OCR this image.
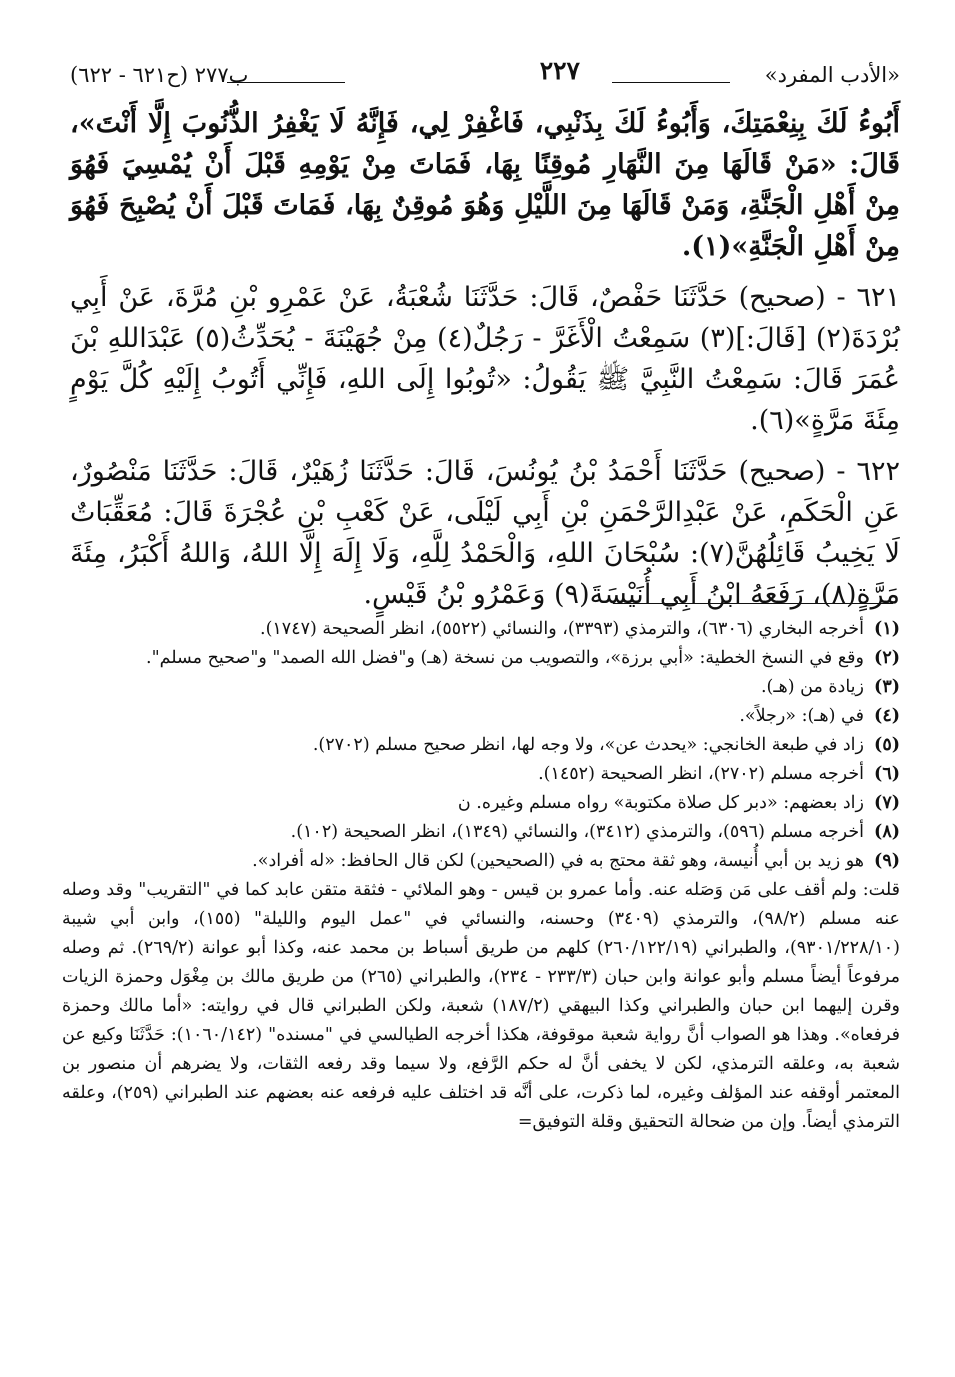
«الأدب المفرد»
٢٢٧
ب٢٧٧ (ح٦٢١ - ٦٢٢)

أَبُوءُ لَكَ بِنِعْمَتِكَ، وَأَبُوءُ لَكَ بِذَنْبِي، فَاغْفِرْ لِي، فَإِنَّهُ لَا يَغْفِرُ الذُّنُوبَ إِلَّا أَنْتَ»، قَالَ: «مَنْ قَالَهَا مِنَ النَّهَارِ مُوقِنًا بِهَا، فَمَاتَ مِنْ يَوْمِهِ قَبْلَ أَنْ يُمْسِيَ فَهُوَ مِنْ أَهْلِ الْجَنَّةِ، وَمَنْ قَالَهَا مِنَ اللَّيْلِ وَهُوَ مُوقِنٌ بِهَا، فَمَاتَ قَبْلَ أَنْ يُصْبِحَ فَهُوَ مِنْ أَهْلِ الْجَنَّةِ»(١).

٦٢١ - (صحيح) حَدَّثَنَا حَفْصٌ، قَالَ: حَدَّثَنَا شُعْبَةُ، عَنْ عَمْرِو بْنِ مُرَّةَ، عَنْ أَبِي بُرْدَةَ(٢) [قَالَ:](٣) سَمِعْتُ الْأَغَرَّ - رَجُلٌ(٤) مِنْ جُهَيْنَةَ - يُحَدِّثُ(٥) عَبْدَاللهِ بْنَ عُمَرَ قَالَ: سَمِعْتُ النَّبِيَّ ﷺ يَقُولُ: «تُوبُوا إِلَى اللهِ، فَإِنِّي أَتُوبُ إِلَيْهِ كُلَّ يَوْمٍ مِئَةَ مَرَّةٍ»(٦).

٦٢٢ - (صحيح) حَدَّثَنَا أَحْمَدُ بْنُ يُونُسَ، قَالَ: حَدَّثَنَا زُهَيْرٌ، قَالَ: حَدَّثَنَا مَنْصُورٌ، عَنِ الْحَكَمِ، عَنْ عَبْدِالرَّحْمَنِ بْنِ أَبِي لَيْلَى، عَنْ كَعْبِ بْنِ عُجْرَةَ قَالَ: مُعَقِّبَاتٌ لَا يَخِيبُ قَائِلُهُنَّ(٧): سُبْحَانَ اللهِ، وَالْحَمْدُ لِلَّهِ، وَلَا إِلَهَ إِلَّا اللهُ، وَاللهُ أَكْبَرُ، مِئَةَ مَرَّةٍ(٨)، رَفَعَهُ ابْنُ أَبِي أُنَيْسَةَ(٩) وَعَمْرُو بْنُ قَيْسٍ.

(١)
أخرجه البخاري (٦٣٠٦)، والترمذي (٣٣٩٣)، والنسائي (٥٥٢٢)، انظر الصحيحة (١٧٤٧).
(٢)
وقع في النسخ الخطية: «أبي برزة»، والتصويب من نسخة (هـ) و"فضل الله الصمد" و"صحيح مسلم".
(٣)
زيادة من (هـ).
(٤)
في (هـ): «رجلاً».
(٥)
زاد في طبعة الخانجي: «يحدث عن»، ولا وجه لها، انظر صحيح مسلم (٢٧٠٢).
(٦)
أخرجه مسلم (٢٧٠٢)، انظر الصحيحة (١٤٥٢).
(٧)
زاد بعضهم: «دبر كل صلاة مكتوبة» رواه مسلم وغيره. ن
(٨)
أخرجه مسلم (٥٩٦)، والترمذي (٣٤١٢)، والنسائي (١٣٤٩)، انظر الصحيحة (١٠٢).
(٩)
هو زيد بن أبي أُنيسة، وهو ثقة محتج به في (الصحيحين) لكن قال الحافظ: «له أفراد».
قلت: ولم أقف على مَن وَصَله عنه. وأما عمرو بن قيس - وهو الملائي - فثقة متقن عابد كما في "التقريب" وقد وصله عنه مسلم (٩٨/٢)، والترمذي (٣٤٠٩) وحسنه، والنسائي في "عمل اليوم والليلة" (١٥٥)، وابن أبي شيبة (٩٣٠١/٢٢٨/١٠)، والطبراني (٢٦٠/١٢٢/١٩) كلهم من طريق أسباط بن محمد عنه، وكذا أبو عوانة (٢٦٩/٢). ثم وصله مرفوعاً أيضاً مسلم وأبو عوانة وابن حبان (٢٣٣/٣ - ٢٣٤)، والطبراني (٢٦٥) من طريق مالك بن مِغْوَل وحمزة الزيات وقرن إليهما ابن حبان والطبراني وكذا البيهقي (١٨٧/٢) شعبة، ولكن الطبراني قال في روايته: «أما مالك وحمزة فرفعاه». وهذا هو الصواب أنَّ رواية شعبة موقوفة، هكذا أخرجه الطيالسي في "مسنده" (١٠٦٠/١٤٢): حَدَّثَنَا وكيع عن شعبة به، وعلقه الترمذي، لكن لا يخفى أنَّ له حكم الرَّفع، ولا سيما وقد رفعه الثقات، ولا يضرهم أن منصور بن المعتمر أوقفه عند المؤلف وغيره، لما ذكرت، على أنَّه قد اختلف عليه فرفعه عنه بعضهم عند الطبراني (٢٥٩)، وعلقه الترمذي أيضاً. وإن من ضحالة التحقيق وقلة التوفيق=
